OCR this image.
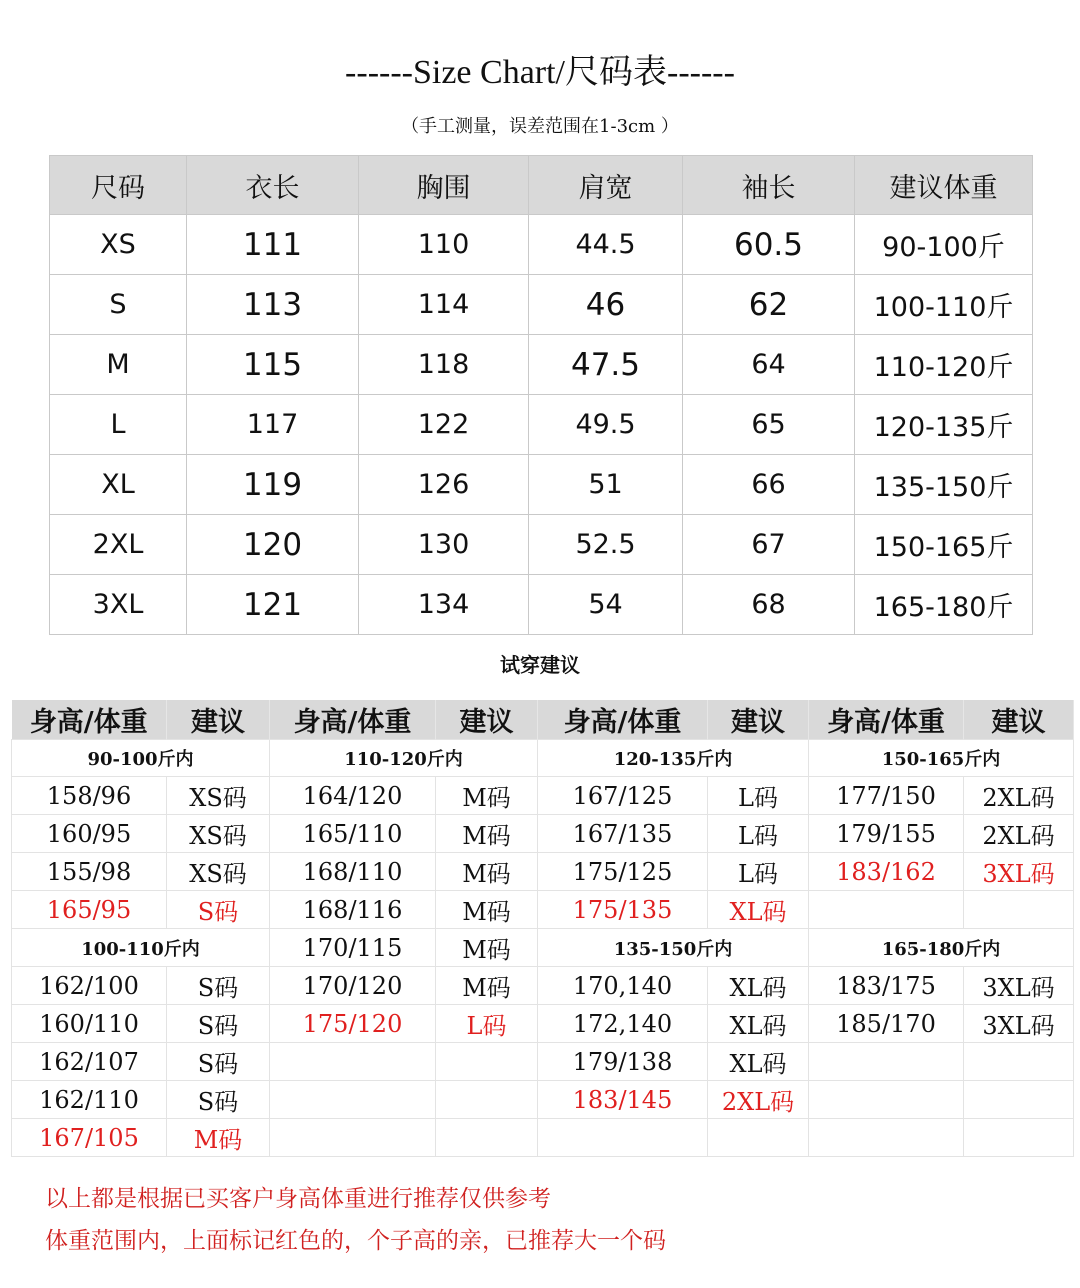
------Size Chart/尺码表------
（手工测量，误差范围在1-3cm ）
尺码	衣长	胸围	肩宽	袖长	建议体重
XS	111	110	44.5	60.5	90-100斤
S	113	114	46	62	100-110斤
M	115	118	47.5	64	110-120斤
L	117	122	49.5	65	120-135斤
XL	119	126	51	66	135-150斤
2XL	120	130	52.5	67	150-165斤
3XL	121	134	54	68	165-180斤
试穿建议
身高/体重	建议	身高/体重	建议	身高/体重	建议	身高/体重	建议
90-100斤内		110-120斤内		120-135斤内		150-165斤内	
158/96	XS码	164/120	M码	167/125	L码	177/150	2XL码
160/95	XS码	165/110	M码	167/135	L码	179/155	2XL码
155/98	XS码	168/110	M码	175/125	L码	183/162	3XL码
165/95	S码	168/116	M码	175/135	XL码		
100-110斤内		170/115	M码	135-150斤内		165-180斤内	
162/100	S码	170/120	M码	170,140	XL码	183/175	3XL码
160/110	S码	175/120	L码	172,140	XL码	185/170	3XL码
162/107	S码			179/138	XL码		
162/110	S码			183/145	2XL码		
167/105	M码						
以上都是根据已买客户身高体重进行推荐仅供参考
体重范围内，上面标记红色的，个子高的亲，已推荐大一个码
